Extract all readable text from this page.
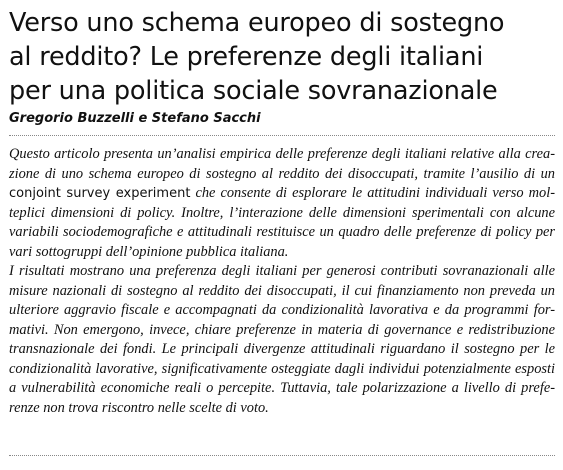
Verso uno schema europeo di sostegno
al reddito? Le preferenze degli italiani
per una politica sociale sovranazionale

Gregorio Buzzelli e Stefano Sacchi

Questo articolo presenta un’analisi empirica delle preferenze degli italiani relative alla crea-
zione di uno schema europeo di sostegno al reddito dei disoccupati, tramite l’ausilio di un
conjoint survey experiment che consente di esplorare le attitudini individuali verso mol-
teplici dimensioni di policy. Inoltre, l’interazione delle dimensioni sperimentali con alcune
variabili sociodemografiche e attitudinali restituisce un quadro delle preferenze di policy per
vari sottogruppi dell’opinione pubblica italiana.
I risultati mostrano una preferenza degli italiani per generosi contributi sovranazionali alle
misure nazionali di sostegno al reddito dei disoccupati, il cui finanziamento non preveda un
ulteriore aggravio fiscale e accompagnati da condizionalità lavorativa e da programmi for-
mativi. Non emergono, invece, chiare preferenze in materia di governance e redistribuzione
transnazionale dei fondi. Le principali divergenze attitudinali riguardano il sostegno per le
condizionalità lavorative, significativamente osteggiate dagli individui potenzialmente esposti
a vulnerabilità economiche reali o percepite. Tuttavia, tale polarizzazione a livello di prefe-
renze non trova riscontro nelle scelte di voto.
